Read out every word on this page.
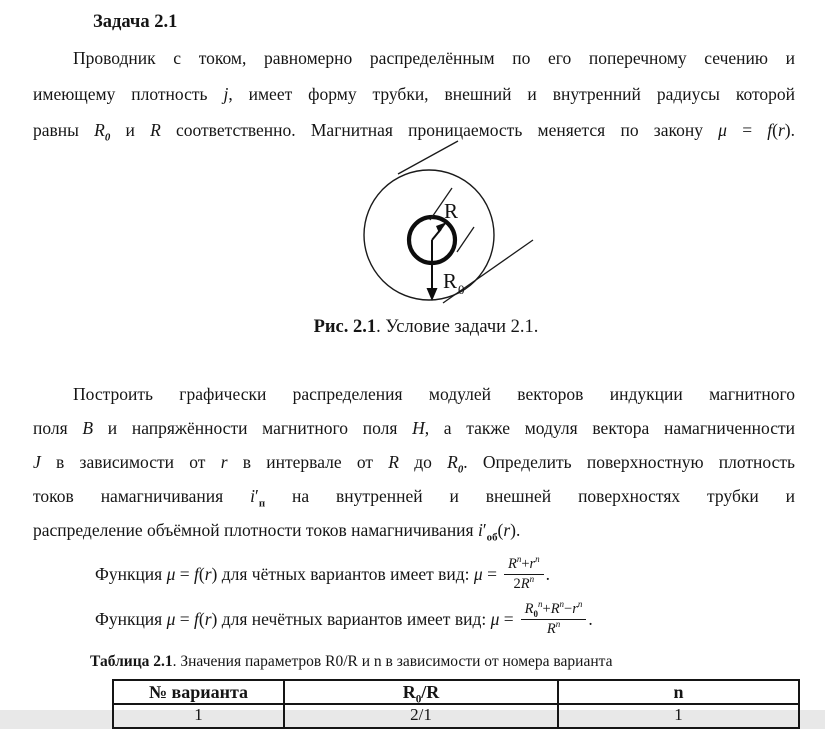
Задача 2.1
Проводник с током, равномерно распределённым по его поперечному сечению и
имеющему плотность j, имеет форму трубки, внешний и внутренний радиусы которой
равны $R_0$ и R соответственно. Магнитная проницаемость меняется по закону μ = f(r).
R
R 0
Рис. 2.1. Условие задачи 2.1.
Построить графически распределения модулей векторов индукции магнитного
поля B и напряжённости магнитного поля H, а также модуля вектора намагниченности
J в зависимости от r в интервале от R до $R_0$. Определить поверхностную плотность
токов намагничивания $i'_п$ на внутренней и внешней поверхностях трубки и
распределение объёмной плотности токов намагничивания $i'_{об}(r)$.
Функция μ = f(r) для чётных вариантов имеет вид: $\mu = \frac{R^n+r^n}{2R^n}$ .
Функция μ = f(r) для нечётных вариантов имеет вид: $\mu = \frac{R_0^n+R^n-r^n}{R^n}$ .
Таблица 2.1. Значения параметров R0/R и n в зависимости от номера варианта
№ варианта	$R_0/R$	n
1	2/1	1
